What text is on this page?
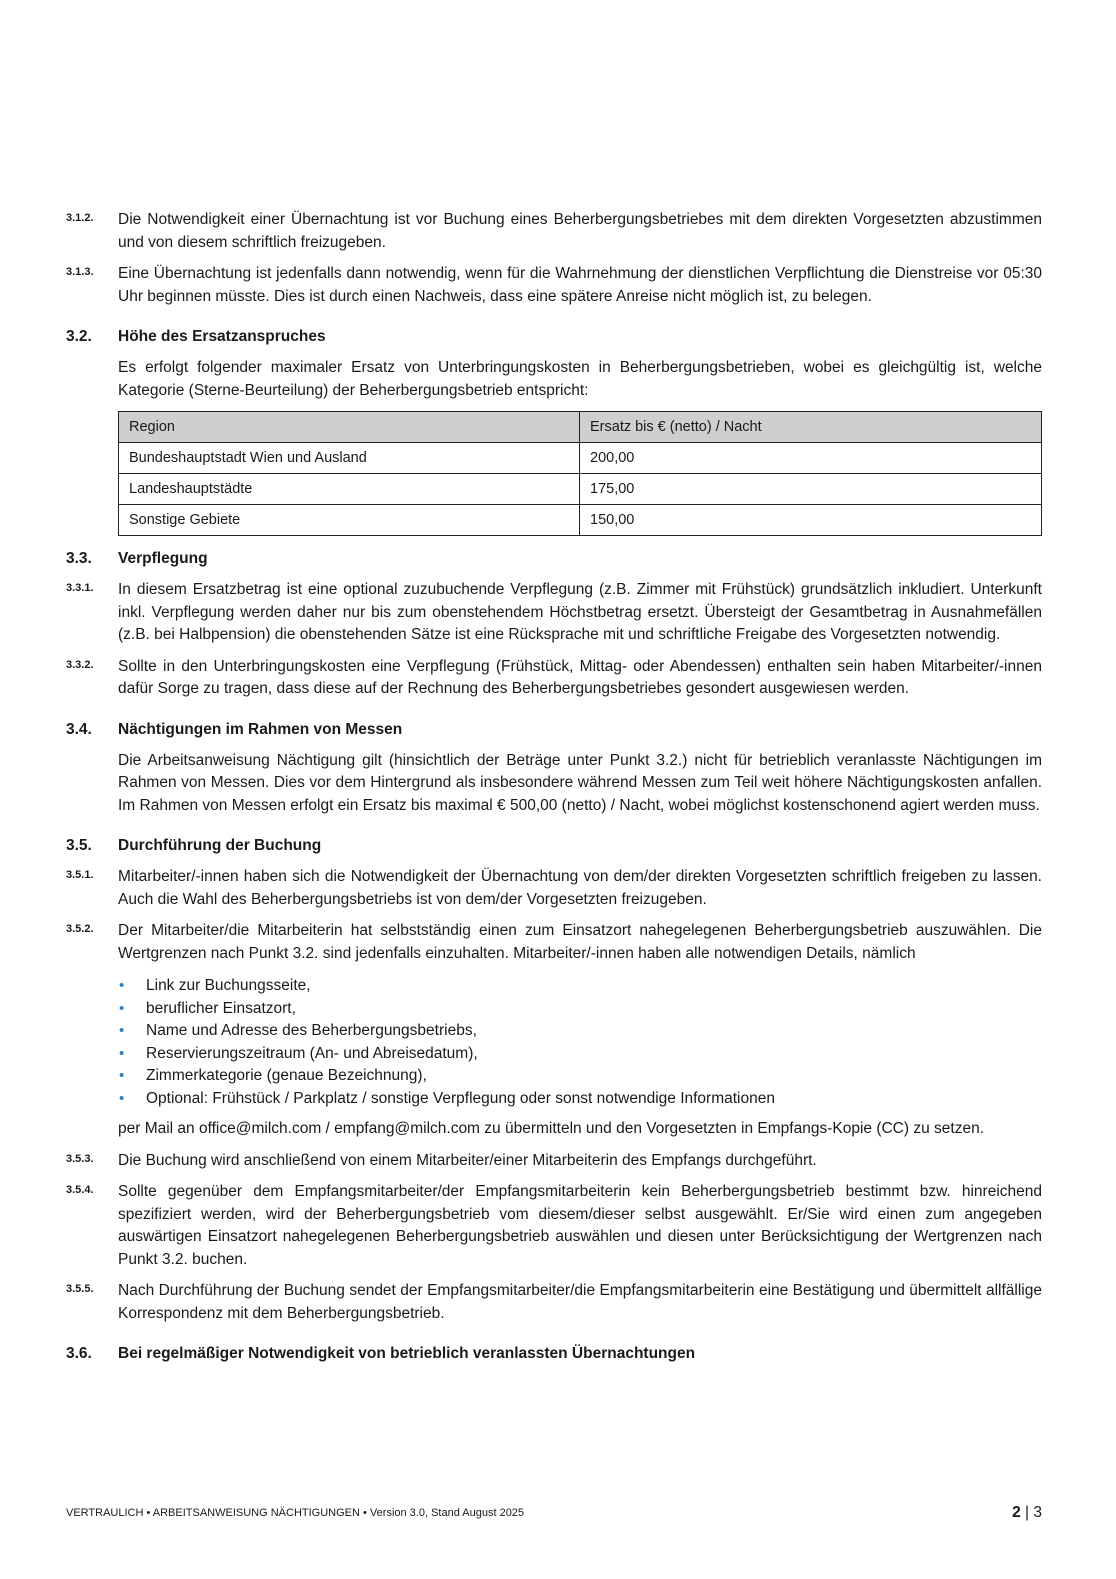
3.1.2.	Die Notwendigkeit einer Übernachtung ist vor Buchung eines Beherbergungsbetriebes mit dem direkten Vorgesetzten abzustimmen und von diesem schriftlich freizugeben.
3.1.3.	Eine Übernachtung ist jedenfalls dann notwendig, wenn für die Wahrnehmung der dienstlichen Verpflichtung die Dienstreise vor 05:30 Uhr beginnen müsste. Dies ist durch einen Nachweis, dass eine spätere Anreise nicht möglich ist, zu belegen.
3.2.	Höhe des Ersatzanspruches
Es erfolgt folgender maximaler Ersatz von Unterbringungskosten in Beherbergungsbetrieben, wobei es gleichgültig ist, welche Kategorie (Sterne-Beurteilung) der Beherbergungsbetrieb entspricht:
Region	Ersatz bis € (netto) / Nacht
Bundeshauptstadt Wien und Ausland	200,00
Landeshauptstädte	175,00
Sonstige Gebiete	150,00
3.3.	Verpflegung
3.3.1.	In diesem Ersatzbetrag ist eine optional zuzubuchende Verpflegung (z.B. Zimmer mit Frühstück) grundsätzlich inkludiert. Unterkunft inkl. Verpflegung werden daher nur bis zum obenstehendem Höchstbetrag ersetzt. Übersteigt der Gesamtbetrag in Ausnahmefällen (z.B. bei Halbpension) die obenstehenden Sätze ist eine Rücksprache mit und schriftliche Freigabe des Vorgesetzten notwendig.
3.3.2.	Sollte in den Unterbringungskosten eine Verpflegung (Frühstück, Mittag- oder Abendessen) enthalten sein haben Mitarbeiter/-innen dafür Sorge zu tragen, dass diese auf der Rechnung des Beherbergungsbetriebes gesondert ausgewiesen werden.
3.4.	Nächtigungen im Rahmen von Messen
Die Arbeitsanweisung Nächtigung gilt (hinsichtlich der Beträge unter Punkt 3.2.) nicht für betrieblich veranlasste Nächtigungen im Rahmen von Messen. Dies vor dem Hintergrund als insbesondere während Messen zum Teil weit höhere Nächtigungskosten anfallen. Im Rahmen von Messen erfolgt ein Ersatz bis maximal € 500,00 (netto) / Nacht, wobei möglichst kostenschonend agiert werden muss.
3.5.	Durchführung der Buchung
3.5.1.	Mitarbeiter/-innen haben sich die Notwendigkeit der Übernachtung von dem/der direkten Vorgesetzten schriftlich freigeben zu lassen. Auch die Wahl des Beherbergungsbetriebs ist von dem/der Vorgesetzten freizugeben.
3.5.2.	Der Mitarbeiter/die Mitarbeiterin hat selbstständig einen zum Einsatzort nahegelegenen Beherbergungsbetrieb auszuwählen. Die Wertgrenzen nach Punkt 3.2. sind jedenfalls einzuhalten. Mitarbeiter/-innen haben alle notwendigen Details, nämlich
•	Link zur Buchungsseite,
•	beruflicher Einsatzort,
•	Name und Adresse des Beherbergungsbetriebs,
•	Reservierungszeitraum (An- und Abreisedatum),
•	Zimmerkategorie (genaue Bezeichnung),
•	Optional: Frühstück / Parkplatz / sonstige Verpflegung oder sonst notwendige Informationen
per Mail an office@milch.com / empfang@milch.com zu übermitteln und den Vorgesetzten in Empfangs-Kopie (CC) zu setzen.
3.5.3.	Die Buchung wird anschließend von einem Mitarbeiter/einer Mitarbeiterin des Empfangs durchgeführt.
3.5.4.	Sollte gegenüber dem Empfangsmitarbeiter/der Empfangsmitarbeiterin kein Beherbergungsbetrieb bestimmt bzw. hinreichend spezifiziert werden, wird der Beherbergungsbetrieb vom diesem/dieser selbst ausgewählt. Er/Sie wird einen zum angegeben auswärtigen Einsatzort nahegelegenen Beherbergungsbetrieb auswählen und diesen unter Berücksichtigung der Wertgrenzen nach Punkt 3.2. buchen.
3.5.5.	Nach Durchführung der Buchung sendet der Empfangsmitarbeiter/die Empfangsmitarbeiterin eine Bestätigung und übermittelt allfällige Korrespondenz mit dem Beherbergungsbetrieb.
3.6.	Bei regelmäßiger Notwendigkeit von betrieblich veranlassten Übernachtungen
VERTRAULICH • ARBEITSANWEISUNG NÄCHTIGUNGEN • Version 3.0, Stand August 2025	2 | 3
